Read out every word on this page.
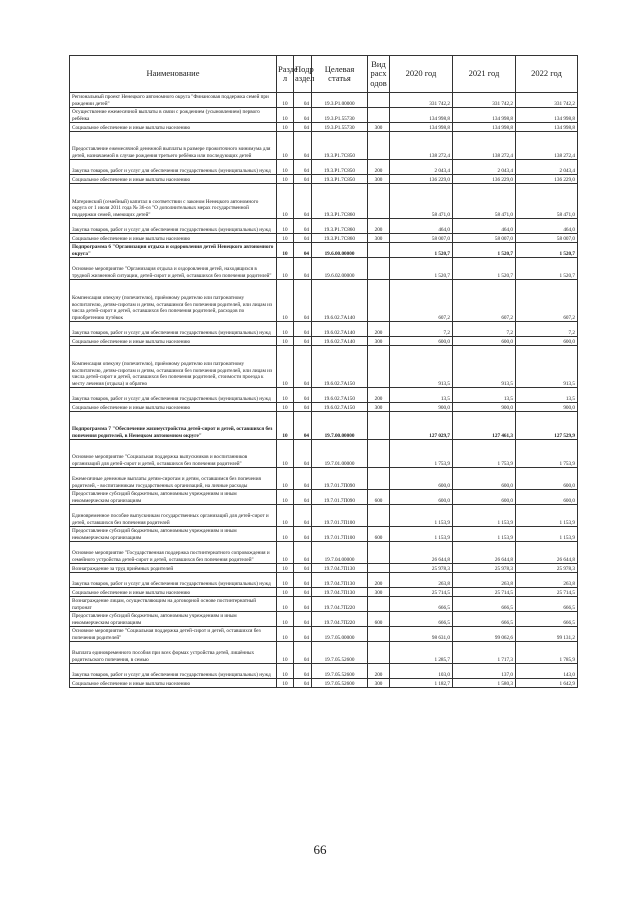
Наименование	Разде л	Подр аздел	Целевая статья	Вид расх одов	2020 год	2021 год	2022 год
Региональный проект Ненецкого автономного округа "Финансовая поддержка семей при рождении детей"	10	04	19.3.P1.00000		331 742,2	331 742,2	331 742,2
Осуществление ежемесячной выплаты в связи с рождением (усыновлением) первого ребёнка	10	04	19.3.P1.55730		134 998,8	134 998,8	134 998,8
Социальное обеспечение и иные выплаты населению	10	04	19.3.P1.55730	300	134 998,8	134 998,8	134 998,8
Предоставление ежемесячной денежной выплаты в размере прожиточного минимума для детей, назначаемой в случае рождения третьего ребёнка или последующих детей	10	04	19.3.P1.7C850		138 272,4	138 272,4	138 272,4
Закупка товаров, работ и услуг для обеспечения государственных (муниципальных) нужд	10	04	19.3.P1.7C850	200	2 043,4	2 043,4	2 043,4
Социальное обеспечение и иные выплаты населению	10	04	19.3.P1.7C850	300	136 229,0	136 229,0	136 229,0
Материнский (семейный) капитал в соответствии с законом Ненецкого автономного округа от 1 июля 2011 года № 36-оз "О дополнительных мерах государственной поддержки семей, имеющих детей"	10	04	19.3.P1.7C860		58 471,0	58 471,0	58 471,0
Закупка товаров, работ и услуг для обеспечения государственных (муниципальных) нужд	10	04	19.3.P1.7C860	200	464,0	464,0	464,0
Социальное обеспечение и иные выплаты населению	10	04	19.3.P1.7C860	300	58 007,0	58 007,0	58 007,0
Подпрограмма 6 "Организация отдыха и оздоровления детей Ненецкого автономного округа"	10	04	19.6.00.00000		1 520,7	1 520,7	1 520,7
Основное мероприятие "Организация отдыха и оздоровления детей, находящихся в трудной жизненной ситуации, детей-сирот и детей, оставшихся без попечения родителей"	10	04	19.6.02.00000		1 520,7	1 520,7	1 520,7
Компенсация опекуну (попечителю), приёмному родителю или патронатному воспитателю, детям-сиротам и детям, оставшимся без попечения родителей, или лицам из числа детей-сирот и детей, оставшихся без попечения родителей, расходов по приобретению путёвок	10	04	19.6.02.7A140		607,2	607,2	607,2
Закупка товаров, работ и услуг для обеспечения государственных (муниципальных) нужд	10	04	19.6.02.7A140	200	7,2	7,2	7,2
Социальное обеспечение и иные выплаты населению	10	04	19.6.02.7A140	300	600,0	600,0	600,0
Компенсация опекуну (попечителю), приёмному родителю или патронатному воспитателю, детям-сиротам и детям, оставшимся без попечения родителей, или лицам из числа детей-сирот и детей, оставшихся без попечения родителей, стоимости проезда к месту лечения (отдыха) и обратно	10	04	19.6.02.7A150		913,5	913,5	913,5
Закупка товаров, работ и услуг для обеспечения государственных (муниципальных) нужд	10	04	19.6.02.7A150	200	13,5	13,5	13,5
Социальное обеспечение и иные выплаты населению	10	04	19.6.02.7A150	300	900,0	900,0	900,0
Подпрограмма 7 "Обеспечение жизнеустройства детей-сирот и детей, оставшихся без попечения родителей, в Ненецком автономном округе"	10	04	19.7.00.00000		127 029,7	127 461,3	127 529,9
Основное мероприятие "Социальная поддержка выпускников и воспитанников организаций для детей-сирот и детей, оставшихся без попечения родителей"	10	04	19.7.01.00000		1 753,9	1 753,9	1 753,9
Ежемесячные денежные выплаты детям-сиротам и детям, оставшимся без попечения родителей, - воспитанникам государственных организаций, на личные расходы	10	04	19.7.01.7П090		600,0	600,0	600,0
Предоставление субсидий бюджетным, автономным учреждениям и иным некоммерческим организациям	10	04	19.7.01.7П090	600	600,0	600,0	600,0
Единовременное пособие выпускникам государственных организаций для детей-сирот и детей, оставшихся без попечения родителей	10	04	19.7.01.7П100		1 153,9	1 153,9	1 153,9
Предоставление субсидий бюджетным, автономным учреждениям и иным некоммерческим организациям	10	04	19.7.01.7П100	600	1 153,9	1 153,9	1 153,9
Основное мероприятие "Государственная поддержка постинтернатного сопровождения и семейного устройства детей-сирот и детей, оставшихся без попечения родителей"	10	04	19.7.04.00000		26 644,8	26 644,8	26 644,8
Вознаграждение за труд приёмных родителей	10	04	19.7.04.7П130		25 978,3	25 978,3	25 978,3
Закупка товаров, работ и услуг для обеспечения государственных (муниципальных) нужд	10	04	19.7.04.7П130	200	263,8	263,8	263,8
Социальное обеспечение и иные выплаты населению	10	04	19.7.04.7П130	300	25 714,5	25 714,5	25 714,5
Вознаграждение лицам, осуществляющим на договорной основе постинтернатный патронат	10	04	19.7.04.7П220		666,5	666,5	666,5
Предоставление субсидий бюджетным, автономным учреждениям и иным некоммерческим организациям	10	04	19.7.04.7П220	600	666,5	666,5	666,5
Основное мероприятие "Социальная поддержка детей-сирот и детей, оставшихся без попечения родителей"	10	04	19.7.05.00000		98 631,0	99 062,6	99 131,2
Выплата единовременного пособия при всех формах устройства детей, лишённых родительского попечения, в семью	10	04	19.7.05.52600		1 285,7	1 717,3	1 785,9
Закупка товаров, работ и услуг для обеспечения государственных (муниципальных) нужд	10	04	19.7.05.52600	200	103,0	137,0	143,0
Социальное обеспечение и иные выплаты населению	10	04	19.7.05.52600	300	1 182,7	1 580,3	1 642,9
66
